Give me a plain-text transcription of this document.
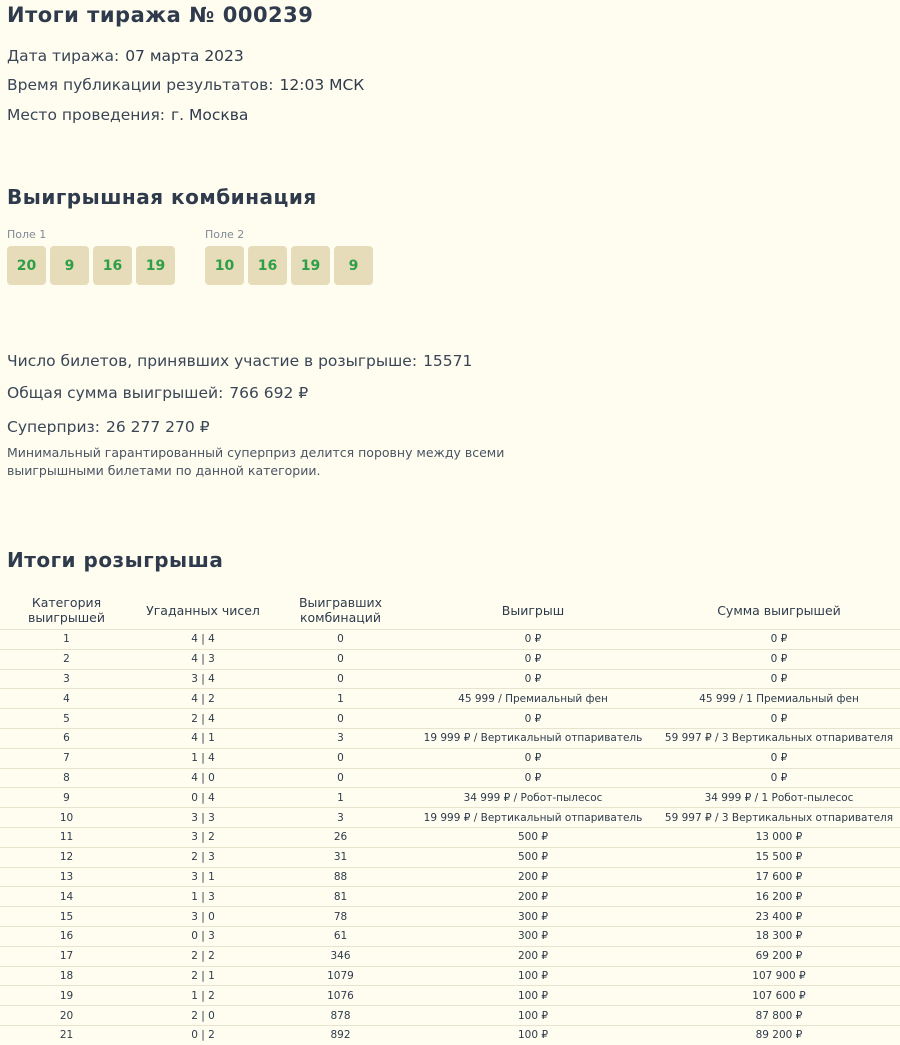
Итоги тиража № 000239
Дата тиража: 07 марта 2023
Время публикации результатов: 12:03 МСК
Место проведения: г. Москва
Выигрышная комбинация
Поле 1
20	9	16	19
Поле 2
10	16	19	9
Число билетов, принявших участие в розыгрыше: 15571
Общая сумма выигрышей: 766 692 ₽
Суперприз: 26 277 270 ₽
Минимальный гарантированный суперприз делится поровну между всеми выигрышными билетами по данной категории.
Итоги розыгрыша
Категория выигрышей	Угаданных чисел	Выигравших комбинаций	Выигрыш	Сумма выигрышей
1	4 | 4	0	0 ₽	0 ₽
2	4 | 3	0	0 ₽	0 ₽
3	3 | 4	0	0 ₽	0 ₽
4	4 | 2	1	45 999 / Премиальный фен	45 999 / 1 Премиальный фен
5	2 | 4	0	0 ₽	0 ₽
6	4 | 1	3	19 999 ₽ / Вертикальный отпариватель	59 997 ₽ / 3 Вертикальных отпаривателя
7	1 | 4	0	0 ₽	0 ₽
8	4 | 0	0	0 ₽	0 ₽
9	0 | 4	1	34 999 ₽ / Робот-пылесос	34 999 ₽ / 1 Робот-пылесос
10	3 | 3	3	19 999 ₽ / Вертикальный отпариватель	59 997 ₽ / 3 Вертикальных отпаривателя
11	3 | 2	26	500 ₽	13 000 ₽
12	2 | 3	31	500 ₽	15 500 ₽
13	3 | 1	88	200 ₽	17 600 ₽
14	1 | 3	81	200 ₽	16 200 ₽
15	3 | 0	78	300 ₽	23 400 ₽
16	0 | 3	61	300 ₽	18 300 ₽
17	2 | 2	346	200 ₽	69 200 ₽
18	2 | 1	1079	100 ₽	107 900 ₽
19	1 | 2	1076	100 ₽	107 600 ₽
20	2 | 0	878	100 ₽	87 800 ₽
21	0 | 2	892	100 ₽	89 200 ₽
